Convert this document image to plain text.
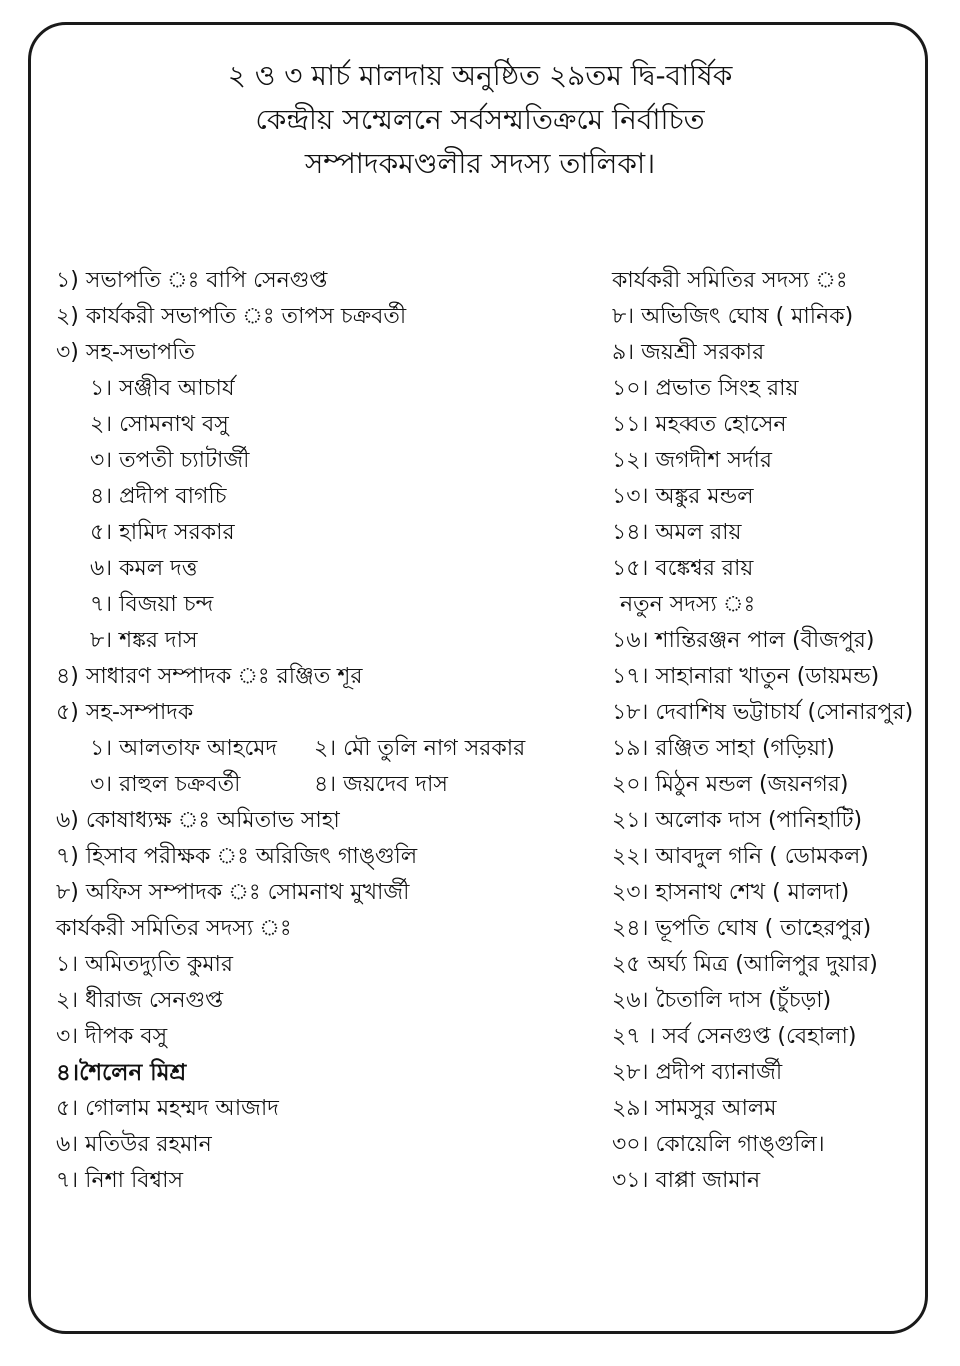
২ ও ৩ মার্চ মালদায় অনুষ্ঠিত ২৯তম দ্বি-বার্ষিক
কেন্দ্রীয় সম্মেলনে সর্বসম্মতিক্রমে নির্বাচিত
সম্পাদকমণ্ডলীর সদস্য তালিকা।
১) সভাপতি ঃ বাপি সেনগুপ্ত
২) কার্যকরী সভাপতি ঃ তাপস চক্রবর্তী
৩) সহ-সভাপতি
১। সঞ্জীব আচার্য
২। সোমনাথ বসু
৩। তপতী চ্যাটার্জী
৪। প্রদীপ বাগচি
৫। হামিদ সরকার
৬। কমল দত্ত
৭। বিজয়া চন্দ
৮। শঙ্কর দাস
৪) সাধারণ সম্পাদক ঃ রঞ্জিত শূর
৫) সহ-সম্পাদক
১। আলতাফ আহমেদ ২। মৌ তুলি নাগ সরকার
৩। রাহুল চক্রবর্তী	৪। জয়দেব দাস
৬) কোষাধ্যক্ষ ঃ অমিতাভ সাহা
৭) হিসাব পরীক্ষক ঃ অরিজিৎ গাঙ্গুলি
৮) অফিস সম্পাদক ঃ সোমনাথ মুখার্জী
কার্যকরী সমিতির সদস্য ঃ
১। অমিতদ্যুতি কুমার
২। ধীরাজ সেনগুপ্ত
৩। দীপক বসু
৪।শৈলেন মিশ্র
৫। গোলাম মহম্মদ আজাদ
৬। মতিউর রহমান
৭। নিশা বিশ্বাস
কার্যকরী সমিতির সদস্য ঃ
৮। অভিজিৎ ঘোষ ( মানিক)
৯। জয়শ্রী সরকার
১০। প্রভাত সিংহ রায়
১১। মহব্বত হোসেন
১২। জগদীশ সর্দার
১৩। অঙ্কুর মন্ডল
১৪। অমল রায়
১৫। বঙ্কেশ্বর রায়
নতুন সদস্য ঃ
১৬। শান্তিরঞ্জন পাল (বীজপুর)
১৭। সাহানারা খাতুন (ডায়মন্ড)
১৮। দেবাশিষ ভট্টাচার্য (সোনারপুর)
১৯। রঞ্জিত সাহা (গড়িয়া)
২০। মিঠুন মন্ডল (জয়নগর)
২১। অলোক দাস (পানিহাটি)
২২। আবদুল গনি ( ডোমকল)
২৩। হাসনাথ শেখ ( মালদা)
২৪। ভূপতি ঘোষ ( তাহেরপুর)
২৫ অর্ঘ্য মিত্র (আলিপুর দুয়ার)
২৬। চৈতালি দাস (চুঁচড়া)
২৭ । সর্ব সেনগুপ্ত (বেহালা)
২৮। প্রদীপ ব্যানার্জী
২৯। সামসুর আলম
৩০। কোয়েলি গাঙ্গুলি।
৩১। বাপ্পা জামান
